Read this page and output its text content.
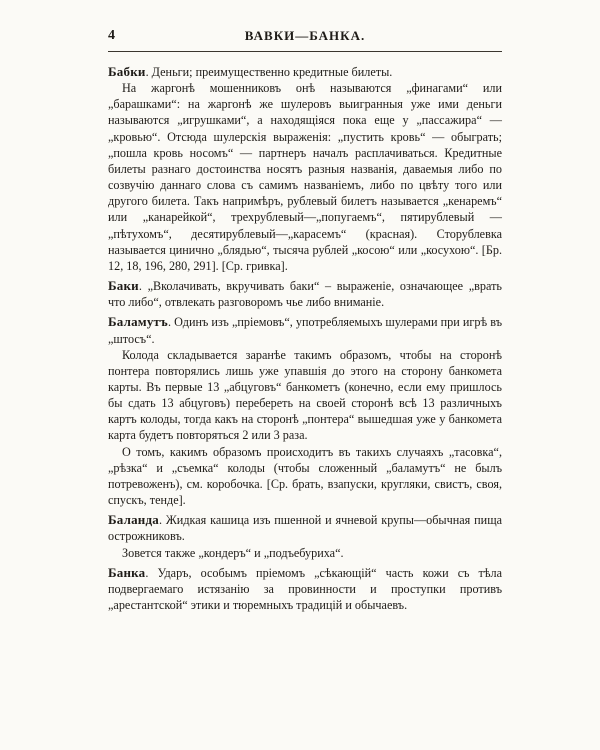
4	ВАВКИ—БАНКА.

Бабки. Деньги; преимущественно кредитные билеты.

На жаргонѣ мошенниковъ онѣ называются „финагами“ или „барашками“: на жаргонѣ же шулеровъ выигранныя уже ими деньги называются „игрушками“, а находящіяся пока еще у „пассажира“ — „кровью“. Отсюда шулерскія выраженія: „пустить кровь“ — обыграть; „пошла кровь носомъ“ — партнеръ началъ расплачиваться. Кредитные билеты разнаго достоинства носятъ разныя названія, даваемыя либо по созвучію даннаго слова съ самимъ названіемъ, либо по цвѣту того или другого билета. Такъ напримѣръ, рублевый билетъ называется „кенаремъ“ или „канарейкой“, трехрублевый—„попугаемъ“, пятирублевый — „пѣтухомъ“, десятирублевый—„карасемъ“ (красная). Сторублевка называется цинично „блядью“, тысяча рублей „косою“ или „косухою“. [Бр. 12, 18, 196, 280, 291]. [Ср. гривка].

Баки. „Вколачивать, вкручивать баки“ – выраженіе, означающее „врать что либо“, отвлекать разговоромъ чье либо вниманіе.

Баламутъ. Одинъ изъ „пріемовъ“, употребляемыхъ шулерами при игрѣ въ „штосъ“.

Колода складывается заранѣе такимъ образомъ, чтобы на сторонѣ понтера повторялись лишь уже упавшія до этого на сторону банкомета карты. Въ первые 13 „абцуговъ“ банкометъ (конечно, если ему пришлось бы сдать 13 абцуговъ) перебереть на своей сторонѣ всѣ 13 различныхъ картъ колоды, тогда какъ на сторонѣ „понтера“ вышедшая уже у банкомета карта будетъ повторяться 2 или 3 раза.

О томъ, какимъ образомъ происходитъ въ такихъ случаяхъ „тасовка“, „рѣзка“ и „съемка“ колоды (чтобы сложенный „баламутъ“ не былъ потревоженъ), см. коробочка. [Ср. брать, взапуски, кругляки, свистъ, своя, спускъ, тенде].

Баланда. Жидкая кашица изъ пшенной и ячневой крупы—обычная пища острожниковъ.

Зовется также „кондеръ“ и „подъебуриха“.

Банка. Ударъ, особымъ пріемомъ „сѣкающій“ часть кожи съ тѣла подвергаемаго истязанію за провинности и проступки противъ „арестантской“ этики и тюремныхъ традицій и обычаевъ.
